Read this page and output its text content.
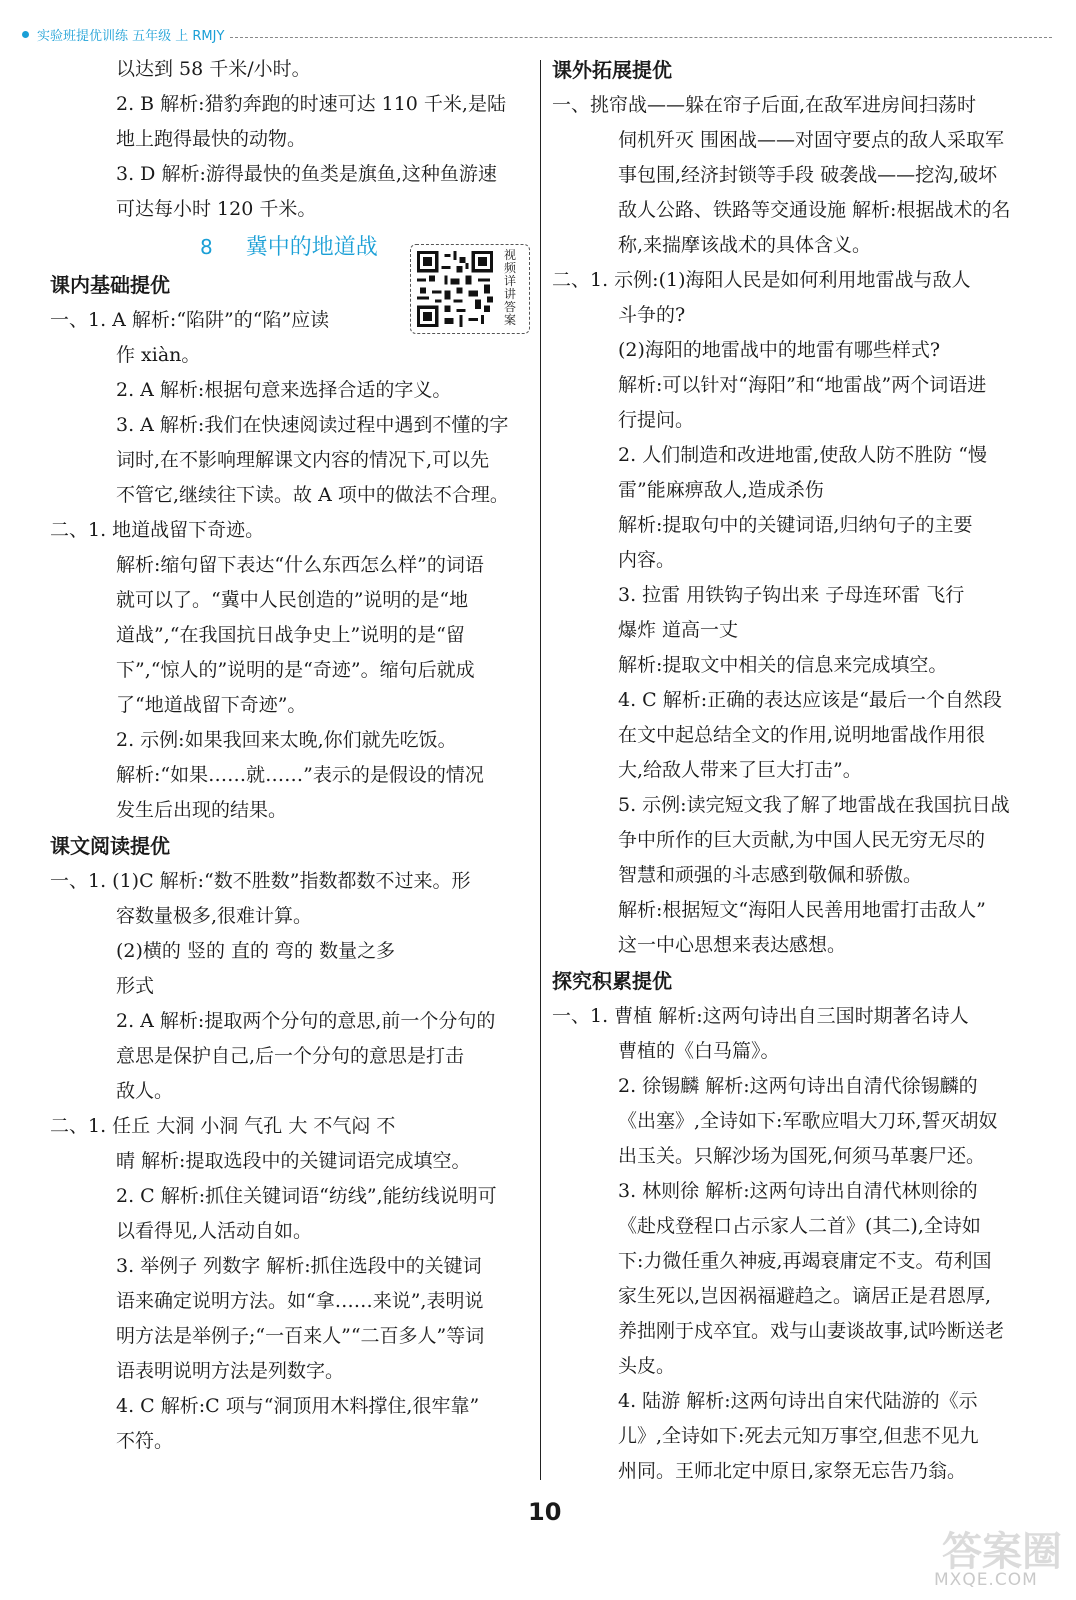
实验班提优训练 五年级 上 RMJY
以达到 58 千米/小时。
2. B 解析:猎豹奔跑的时速可达 110 千米,是陆
地上跑得最快的动物。
3. D 解析:游得最快的鱼类是旗鱼,这种鱼游速
可达每小时 120 千米。
8 冀中的地道战
课内基础提优
一、1. A 解析:“陷阱”的“陷”应读
作 xiàn。
2. A 解析:根据句意来选择合适的字义。
3. A 解析:我们在快速阅读过程中遇到不懂的字
词时,在不影响理解课文内容的情况下,可以先
不管它,继续往下读。故 A 项中的做法不合理。
二、1. 地道战留下奇迹。
解析:缩句留下表达“什么东西怎么样”的词语
就可以了。“冀中人民创造的”说明的是“地
道战”,“在我国抗日战争史上”说明的是“留
下”,“惊人的”说明的是“奇迹”。缩句后就成
了“地道战留下奇迹”。
2. 示例:如果我回来太晚,你们就先吃饭。
解析:“如果……就……”表示的是假设的情况
发生后出现的结果。
课文阅读提优
一、1. (1)C 解析:“数不胜数”指数都数不过来。形
容数量极多,很难计算。
(2)横的 竖的 直的 弯的 数量之多
形式
2. A 解析:提取两个分句的意思,前一个分句的
意思是保护自己,后一个分句的意思是打击
敌人。
二、1. 任丘 大洞 小洞 气孔 大 不气闷 不
晴 解析:提取选段中的关键词语完成填空。
2. C 解析:抓住关键词语“纺线”,能纺线说明可
以看得见,人活动自如。
3. 举例子 列数字 解析:抓住选段中的关键词
语来确定说明方法。如“拿……来说”,表明说
明方法是举例子;“一百来人”“二百多人”等词
语表明说明方法是列数字。
4. C 解析:C 项与“洞顶用木料撑住,很牢靠”
不符。
视频详讲答案
课外拓展提优
一、挑帘战——躲在帘子后面,在敌军进房间扫荡时
伺机歼灭 围困战——对固守要点的敌人采取军
事包围,经济封锁等手段 破袭战——挖沟,破坏
敌人公路、铁路等交通设施 解析:根据战术的名
称,来揣摩该战术的具体含义。
二、1. 示例:(1)海阳人民是如何利用地雷战与敌人
斗争的?
(2)海阳的地雷战中的地雷有哪些样式?
解析:可以针对“海阳”和“地雷战”两个词语进
行提问。
2. 人们制造和改进地雷,使敌人防不胜防 “慢
雷”能麻痹敌人,造成杀伤
解析:提取句中的关键词语,归纳句子的主要
内容。
3. 拉雷 用铁钩子钩出来 子母连环雷 飞行
爆炸 道高一丈
解析:提取文中相关的信息来完成填空。
4. C 解析:正确的表达应该是“最后一个自然段
在文中起总结全文的作用,说明地雷战作用很
大,给敌人带来了巨大打击”。
5. 示例:读完短文我了解了地雷战在我国抗日战
争中所作的巨大贡献,为中国人民无穷无尽的
智慧和顽强的斗志感到敬佩和骄傲。
解析:根据短文“海阳人民善用地雷打击敌人”
这一中心思想来表达感想。
探究积累提优
一、1. 曹植 解析:这两句诗出自三国时期著名诗人
曹植的《白马篇》。
2. 徐锡麟 解析:这两句诗出自清代徐锡麟的
《出塞》,全诗如下:军歌应唱大刀环,誓灭胡奴
出玉关。只解沙场为国死,何须马革裹尸还。
3. 林则徐 解析:这两句诗出自清代林则徐的
《赴戍登程口占示家人二首》(其二),全诗如
下:力微任重久神疲,再竭衰庸定不支。苟利国
家生死以,岂因祸福避趋之。谪居正是君恩厚,
养拙刚于戍卒宜。戏与山妻谈故事,试吟断送老
头皮。
4. 陆游 解析:这两句诗出自宋代陆游的《示
儿》,全诗如下:死去元知万事空,但悲不见九
州同。王师北定中原日,家祭无忘告乃翁。
10
答案圈
MXQE.COM
